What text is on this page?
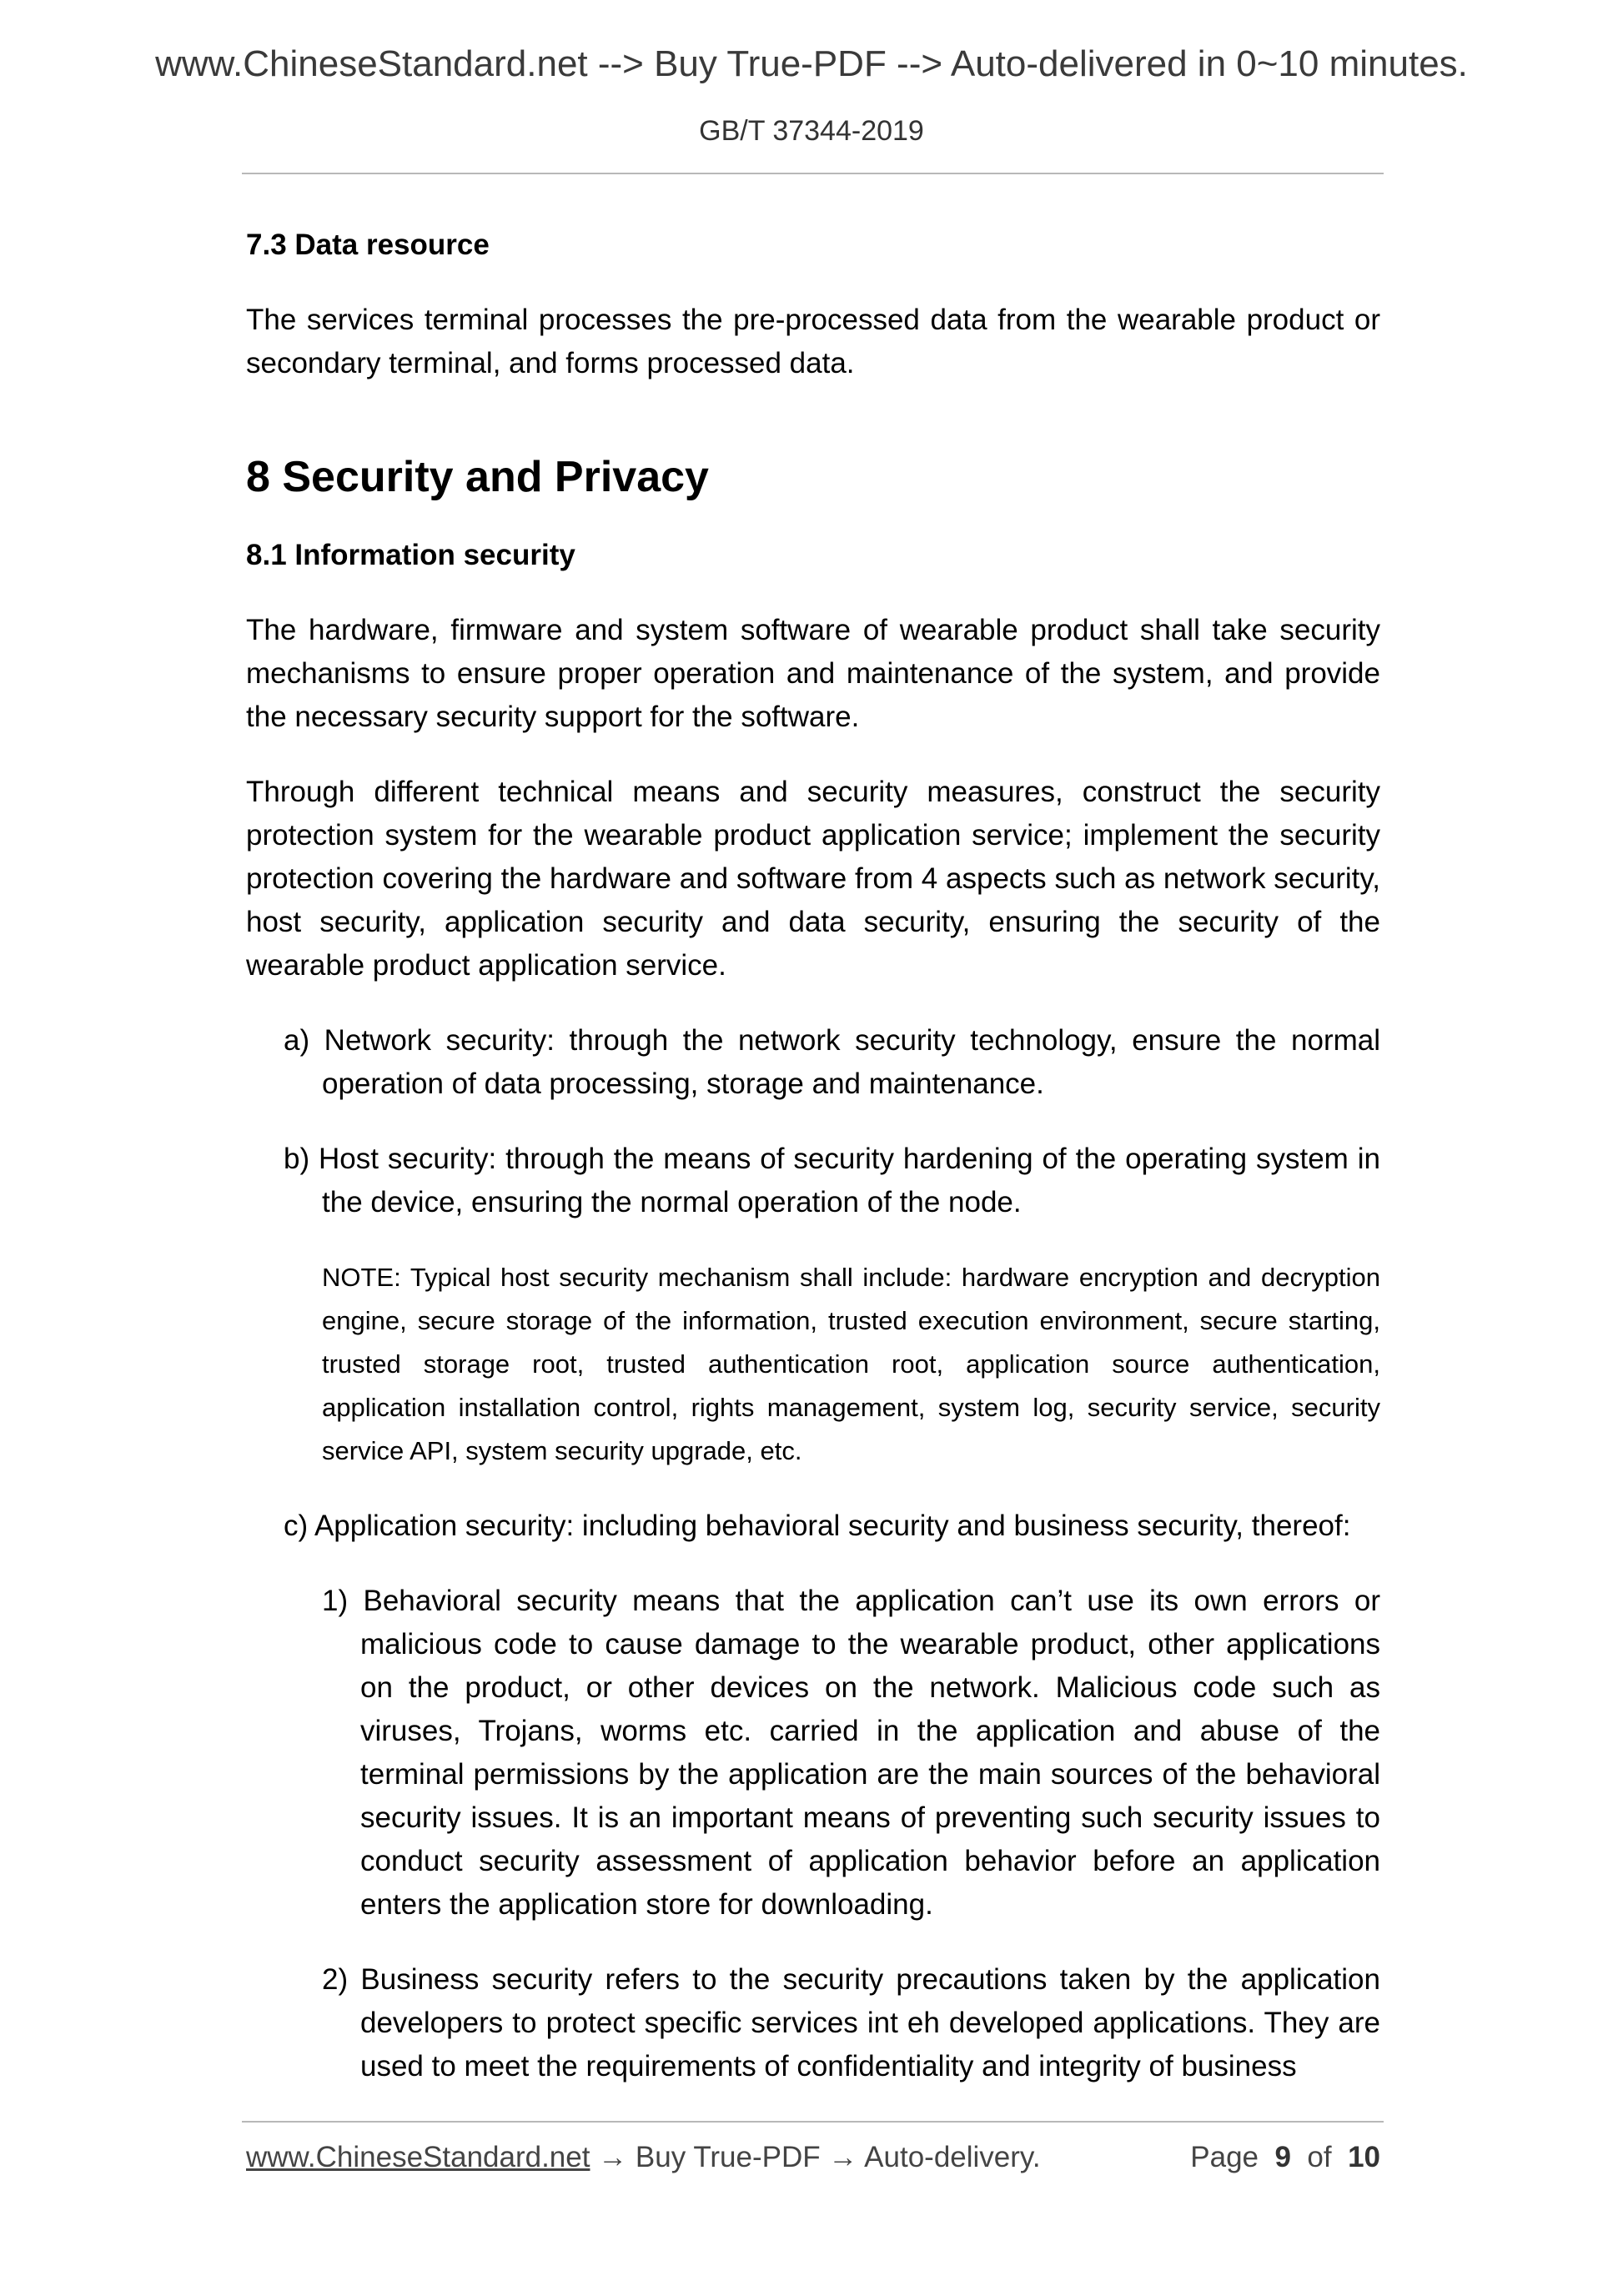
www.ChineseStandard.net --> Buy True-PDF --> Auto-delivered in 0~10 minutes.
GB/T 37344-2019

7.3 Data resource

The services terminal processes the pre-processed data from the wearable product or secondary terminal, and forms processed data.

8 Security and Privacy

8.1 Information security

The hardware, firmware and system software of wearable product shall take security mechanisms to ensure proper operation and maintenance of the system, and provide the necessary security support for the software.

Through different technical means and security measures, construct the security protection system for the wearable product application service; implement the security protection covering the hardware and software from 4 aspects such as network security, host security, application security and data security, ensuring the security of the wearable product application service.

a) Network security: through the network security technology, ensure the normal operation of data processing, storage and maintenance.

b) Host security: through the means of security hardening of the operating system in the device, ensuring the normal operation of the node.

NOTE: Typical host security mechanism shall include: hardware encryption and decryption engine, secure storage of the information, trusted execution environment, secure starting, trusted storage root, trusted authentication root, application source authentication, application installation control, rights management, system log, security service, security service API, system security upgrade, etc.

c) Application security: including behavioral security and business security, thereof:

1) Behavioral security means that the application can’t use its own errors or malicious code to cause damage to the wearable product, other applications on the product, or other devices on the network. Malicious code such as viruses, Trojans, worms etc. carried in the application and abuse of the terminal permissions by the application are the main sources of the behavioral security issues. It is an important means of preventing such security issues to conduct security assessment of application behavior before an application enters the application store for downloading.

2) Business security refers to the security precautions taken by the application developers to protect specific services int eh developed applications. They are used to meet the requirements of confidentiality and integrity of business

www.ChineseStandard.net → Buy True-PDF → Auto-delivery.	Page 9 of 10
